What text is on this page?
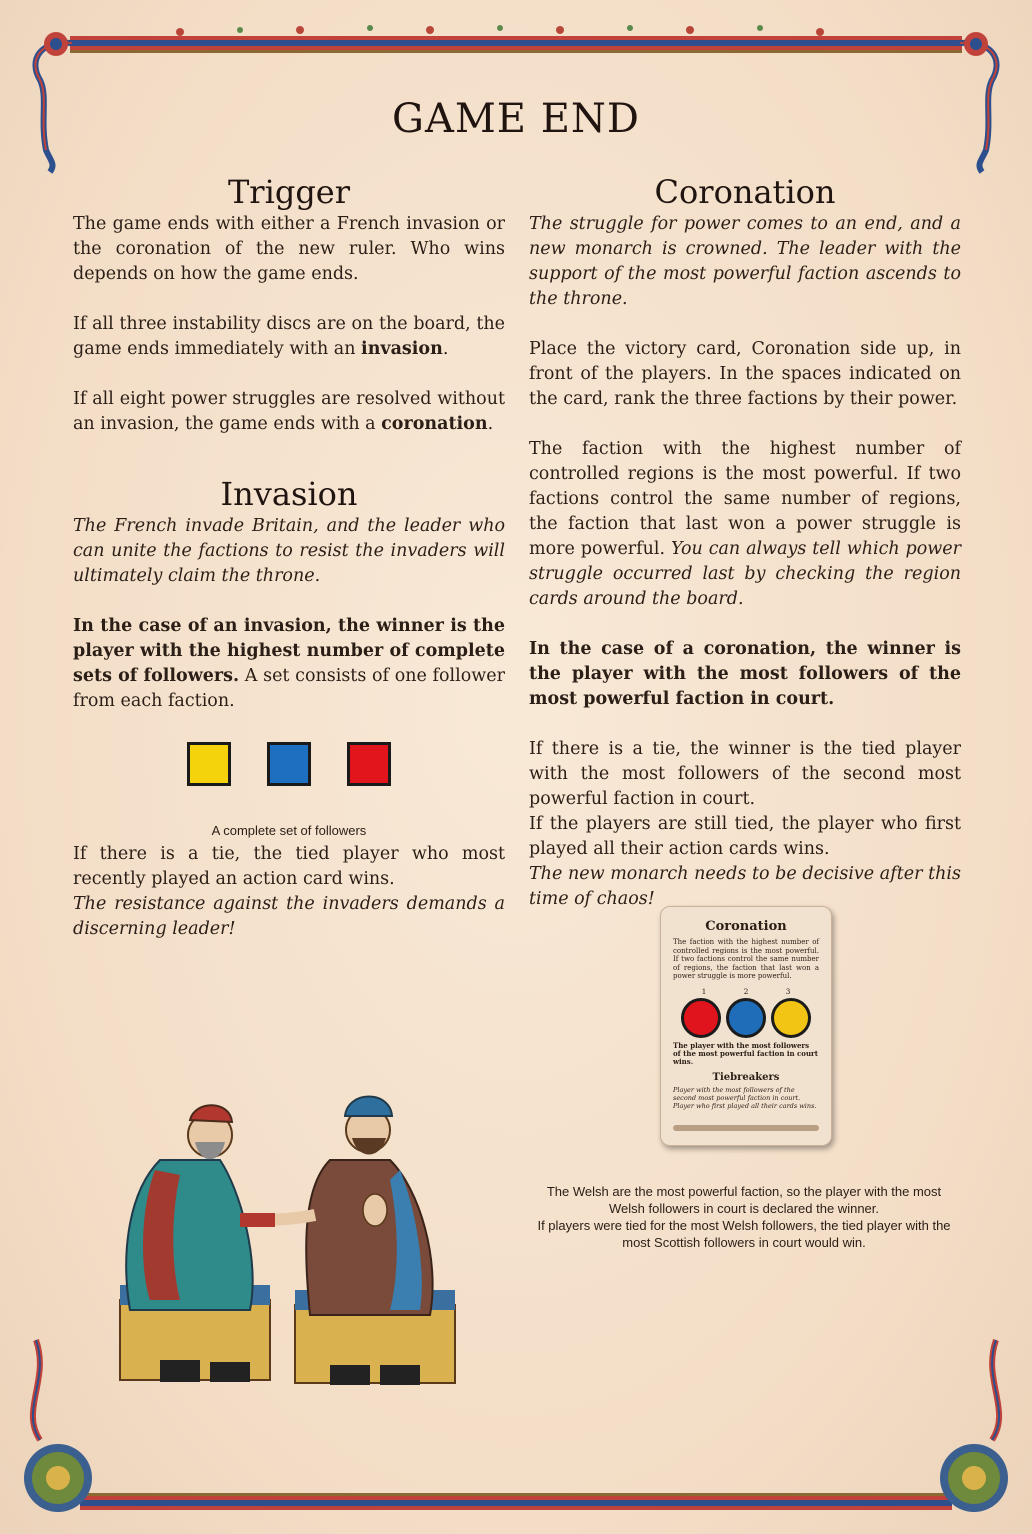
GAME END
Trigger

The game ends with either a French invasion or the coronation of the new ruler. Who wins depends on how the game ends.

If all three instability discs are on the board, the game ends immediately with an invasion.

If all eight power struggles are resolved without an invasion, the game ends with a coronation.

Invasion

The French invade Britain, and the leader who can unite the factions to resist the invaders will ultimately claim the throne.

In the case of an invasion, the winner is the player with the highest number of complete sets of followers. A set consists of one follower from each faction.

A complete set of followers

If there is a tie, the tied player who most recently played an action card wins.

The resistance against the invaders demands a discerning leader!

Coronation

The struggle for power comes to an end, and a new monarch is crowned. The leader with the support of the most powerful faction ascends to the throne.

Place the victory card, Coronation side up, in front of the players. In the spaces indicated on the card, rank the three factions by their power.

The faction with the highest number of controlled regions is the most powerful. If two factions control the same number of regions, the faction that last won a power struggle is more powerful. You can always tell which power struggle occurred last by checking the region cards around the board.

In the case of a coronation, the winner is the player with the most followers of the most powerful faction in court.

If there is a tie, the winner is the tied player with the most followers of the second most powerful faction in court.

If the players are still tied, the player who first played all their action cards wins.

The new monarch needs to be decisive after this time of chaos!

Coronation
The faction with the highest number of controlled regions is the most powerful. If two factions control the same number of regions, the faction that last won a power struggle is more powerful.
1	2	3
The player with the most followers of the most powerful faction in court wins.
Tiebreakers
Player with the most followers of the second most powerful faction in court. Player who first played all their cards wins.
The Welsh are the most powerful faction, so the player with the most Welsh followers in court is declared the winner.
If players were tied for the most Welsh followers, the tied player with the most Scottish followers in court would win.
